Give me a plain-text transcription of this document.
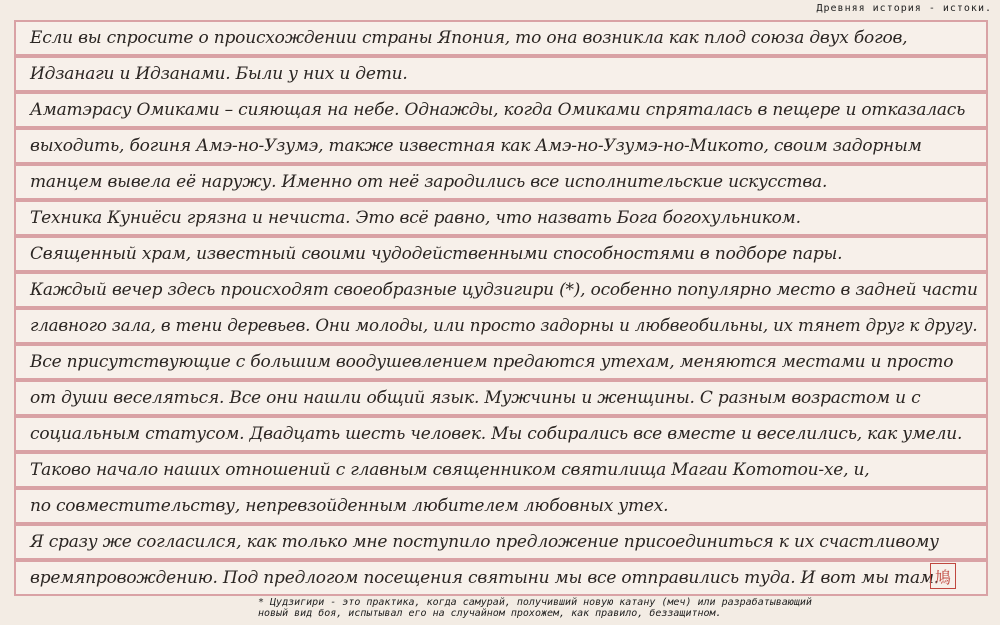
Древняя история - истоки.
Если вы спросите о происхождении страны Япония, то она возникла как плод союза двух богов,
Идзанаги и Идзанами. Были у них и дети.
Аматэрасу Омиками – сияющая на небе. Однажды, когда Омиками спряталась в пещере и отказалась
выходить, богиня Амэ-но-Узумэ, также известная как Амэ-но-Узумэ-но-Микото, своим задорным
танцем вывела её наружу. Именно от неё зародились все исполнительские искусства.
Техника Куниёси грязна и нечиста. Это всё равно, что назвать Бога богохульником.
Священный храм, известный своими чудодейственными способностями в подборе пары.
Каждый вечер здесь происходят своеобразные цудзигири (*), особенно популярно место в задней части
главного зала, в тени деревьев. Они молоды, или просто задорны и любвеобильны, их тянет друг к другу.
Все присутствующие с большим воодушевлением предаются утехам, меняются местами и просто
от души веселяться. Все они нашли общий язык. Мужчины и женщины. С разным возрастом и с
социальным статусом. Двадцать шесть человек. Мы собирались все вместе и веселились, как умели.
Таково начало наших отношений с главным священником святилища Магаи Кототои-хе, и,
по совместительству, непревзойденным любителем любовных утех.
Я сразу же согласился, как только мне поступило предложение присоединиться к их счастливому
времяпровождению. Под предлогом посещения святыни мы все отправились туда. И вот мы там.
鳩
* Цудзигири - это практика, когда самурай, получивший новую катану (меч) или разрабатывающий новый вид боя, испытывал его на случайном прохожем, как правило, беззащитном.
